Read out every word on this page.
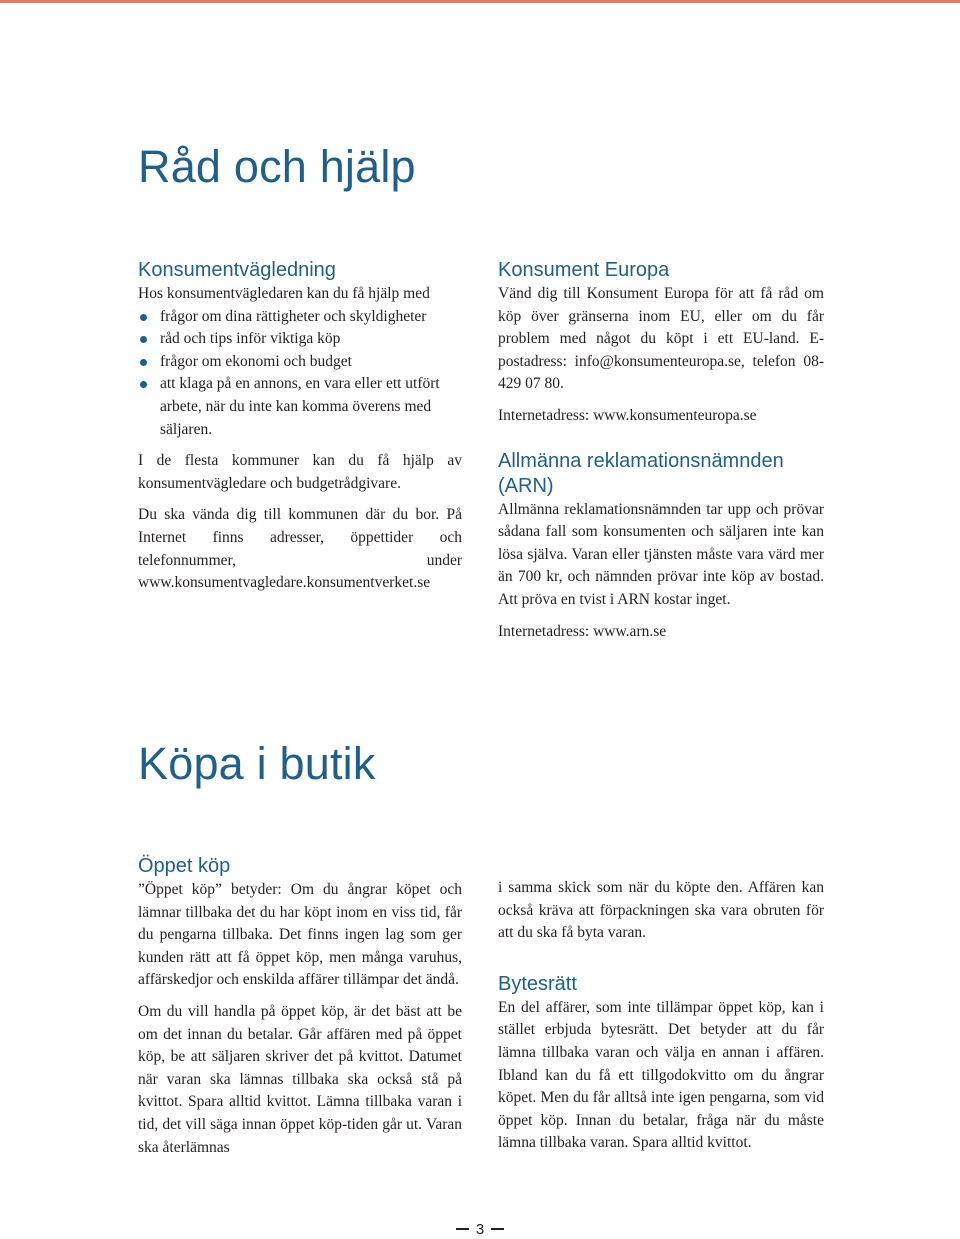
Råd och hjälp
Konsumentvägledning

Hos konsumentvägledaren kan du få hjälp med

frågor om dina rättigheter och skyldigheter
råd och tips inför viktiga köp
frågor om ekonomi och budget
att klaga på en annons, en vara eller ett utfört arbete, när du inte kan komma överens med säljaren.

I de flesta kommuner kan du få hjälp av konsumentvägledare och budgetrådgivare.

Du ska vända dig till kommunen där du bor. På Internet finns adresser, öppettider och telefonnummer, under www.konsumentvagledare.konsumentverket.se

Konsument Europa

Vänd dig till Konsument Europa för att få råd om köp över gränserna inom EU, eller om du får problem med något du köpt i ett EU-land. E-postadress: info@konsumenteuropa.se, telefon 08-429 07 80.

Internetadress: www.konsumenteuropa.se

Allmänna reklamationsnämnden (ARN)

Allmänna reklamationsnämnden tar upp och prövar sådana fall som konsumenten och säljaren inte kan lösa själva. Varan eller tjänsten måste vara värd mer än 700 kr, och nämnden prövar inte köp av bostad. Att pröva en tvist i ARN kostar inget.

Internetadress: www.arn.se

Köpa i butik
Öppet köp

”Öppet köp” betyder: Om du ångrar köpet och lämnar tillbaka det du har köpt inom en viss tid, får du pengarna tillbaka. Det finns ingen lag som ger kunden rätt att få öppet köp, men många varuhus, affärskedjor och enskilda affärer tillämpar det ändå.

Om du vill handla på öppet köp, är det bäst att be om det innan du betalar. Går affären med på öppet köp, be att säljaren skriver det på kvittot. Datumet när varan ska lämnas tillbaka ska också stå på kvittot. Spara alltid kvittot. Lämna tillbaka varan i tid, det vill säga innan öppet köp-tiden går ut. Varan ska återlämnas

i samma skick som när du köpte den. Affären kan också kräva att förpackningen ska vara obruten för att du ska få byta varan.

Bytesrätt

En del affärer, som inte tillämpar öppet köp, kan i stället erbjuda bytesrätt. Det betyder att du får lämna tillbaka varan och välja en annan i affären. Ibland kan du få ett tillgodokvitto om du ångrar köpet. Men du får alltså inte igen pengarna, som vid öppet köp. Innan du betalar, fråga när du måste lämna tillbaka varan. Spara alltid kvittot.

3
